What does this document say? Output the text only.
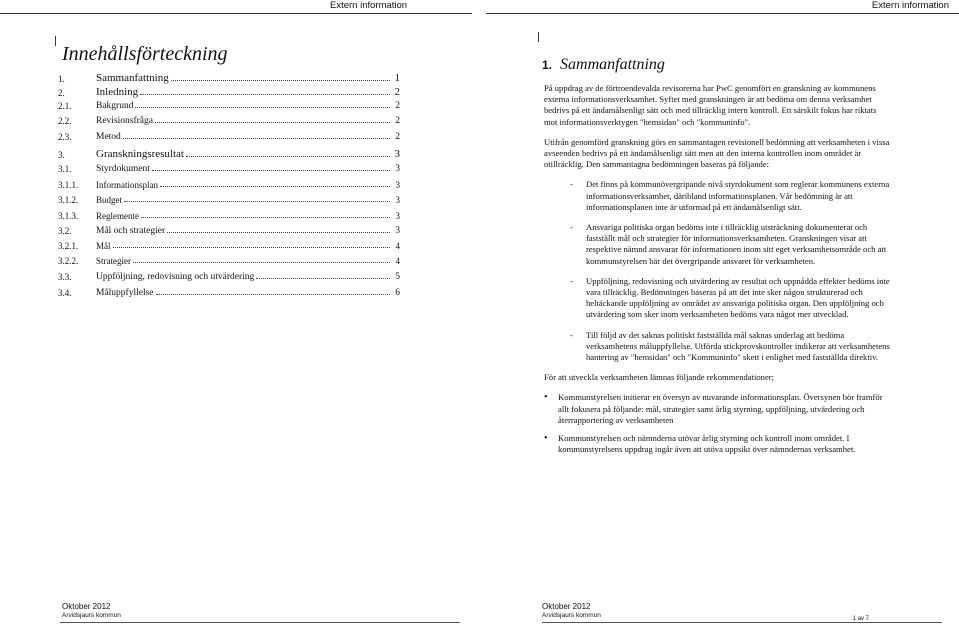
Extern information
Innehållsförteckning
1.	Sammanfattning	1
2.	Inledning	2
2.1.	Bakgrund	2
2.2.	Revisionsfråga	2
2.3.	Metod	2
3.	Granskningsresultat	3
3.1.	Styrdokument	3
3.1.1.	Informationsplan	3
3.1.2.	Budget	3
3.1.3.	Reglemente	3
3.2.	Mål och strategier	3
3.2.1.	Mål	4
3.2.2.	Strategier	4
3.3.	Uppföljning, redovisning och utvärdering	5
3.4.	Måluppfyllelse	6
Oktober 2012
Arvidsjaurs kommun
Extern information
1. Sammanfattning

På uppdrag av de förtroendevalda revisorerna har PwC genomfört en granskning av kommunens externa informationsverksamhet. Syftet med granskningen är att bedöma om denna verksamhet bedrivs på ett ändamålsenligt sätt och med tillräcklig intern kontroll. Ett särskilt fokus har riktats mot informationsverktygen "hemsidan" och "kommuninfo".

Utifrån genomförd granskning görs en sammantagen revisionell bedömning att verksamheten i vissa avseenden bedrivs på ett ändamålsenligt sätt men att den interna kontrollen inom området är otillräcklig. Den sammantagna bedömningen baseras på följande:

- Det finns på kommunövergripande nivå styrdokument som reglerar kommunens externa informationsverksamhet, däribland informationsplanen. Vår bedömning är att informationsplanen inte är utformad på ett ändamålsenligt sätt.
- Ansvariga politiska organ bedöms inte i tillräcklig utsträckning dokumenterat och fastställt mål och strategier för informationsverksamheten. Granskningen visar att respektive nämnd ansvarar för informationen inom sitt eget verksamhetsområde och att kommunstyrelsen bär det övergripande ansvaret för verksamheten.
- Uppföljning, redovisning och utvärdering av resultat och uppnådda effekter bedöms inte vara tillräcklig. Bedömningen baseras på att det inte sker någon strukturerad och heltäckande uppföljning av området av ansvariga politiska organ. Den uppföljning och utvärdering som sker inom verksamheten bedöms vara något mer utvecklad.
- Till följd av det saknas politiskt fastställda mål saknas underlag att bedöma verksamhetens måluppfyllelse. Utförda stickprovskontroller indikerar att verksamhetens hantering av "hemsidan" och "Kommuninfo" skett i enlighet med fastställda direktiv.

För att utveckla verksamheten lämnas följande rekommendationer;

• Kommunstyrelsen initierar en översyn av nuvarande informationsplan. Översynen bör framför allt fokusera på följande: mål, strategier samt årlig styrning, uppföljning, utvärdering och återrapportering av verksamheten
• Kommunstyrelsen och nämnderna utövar årlig styrning och kontroll inom området. I kommunstyrelsens uppdrag ingår även att utöva uppsikt över nämndernas verksamhet.
Oktober 2012
Arvidsjaurs kommun	1 av 7
